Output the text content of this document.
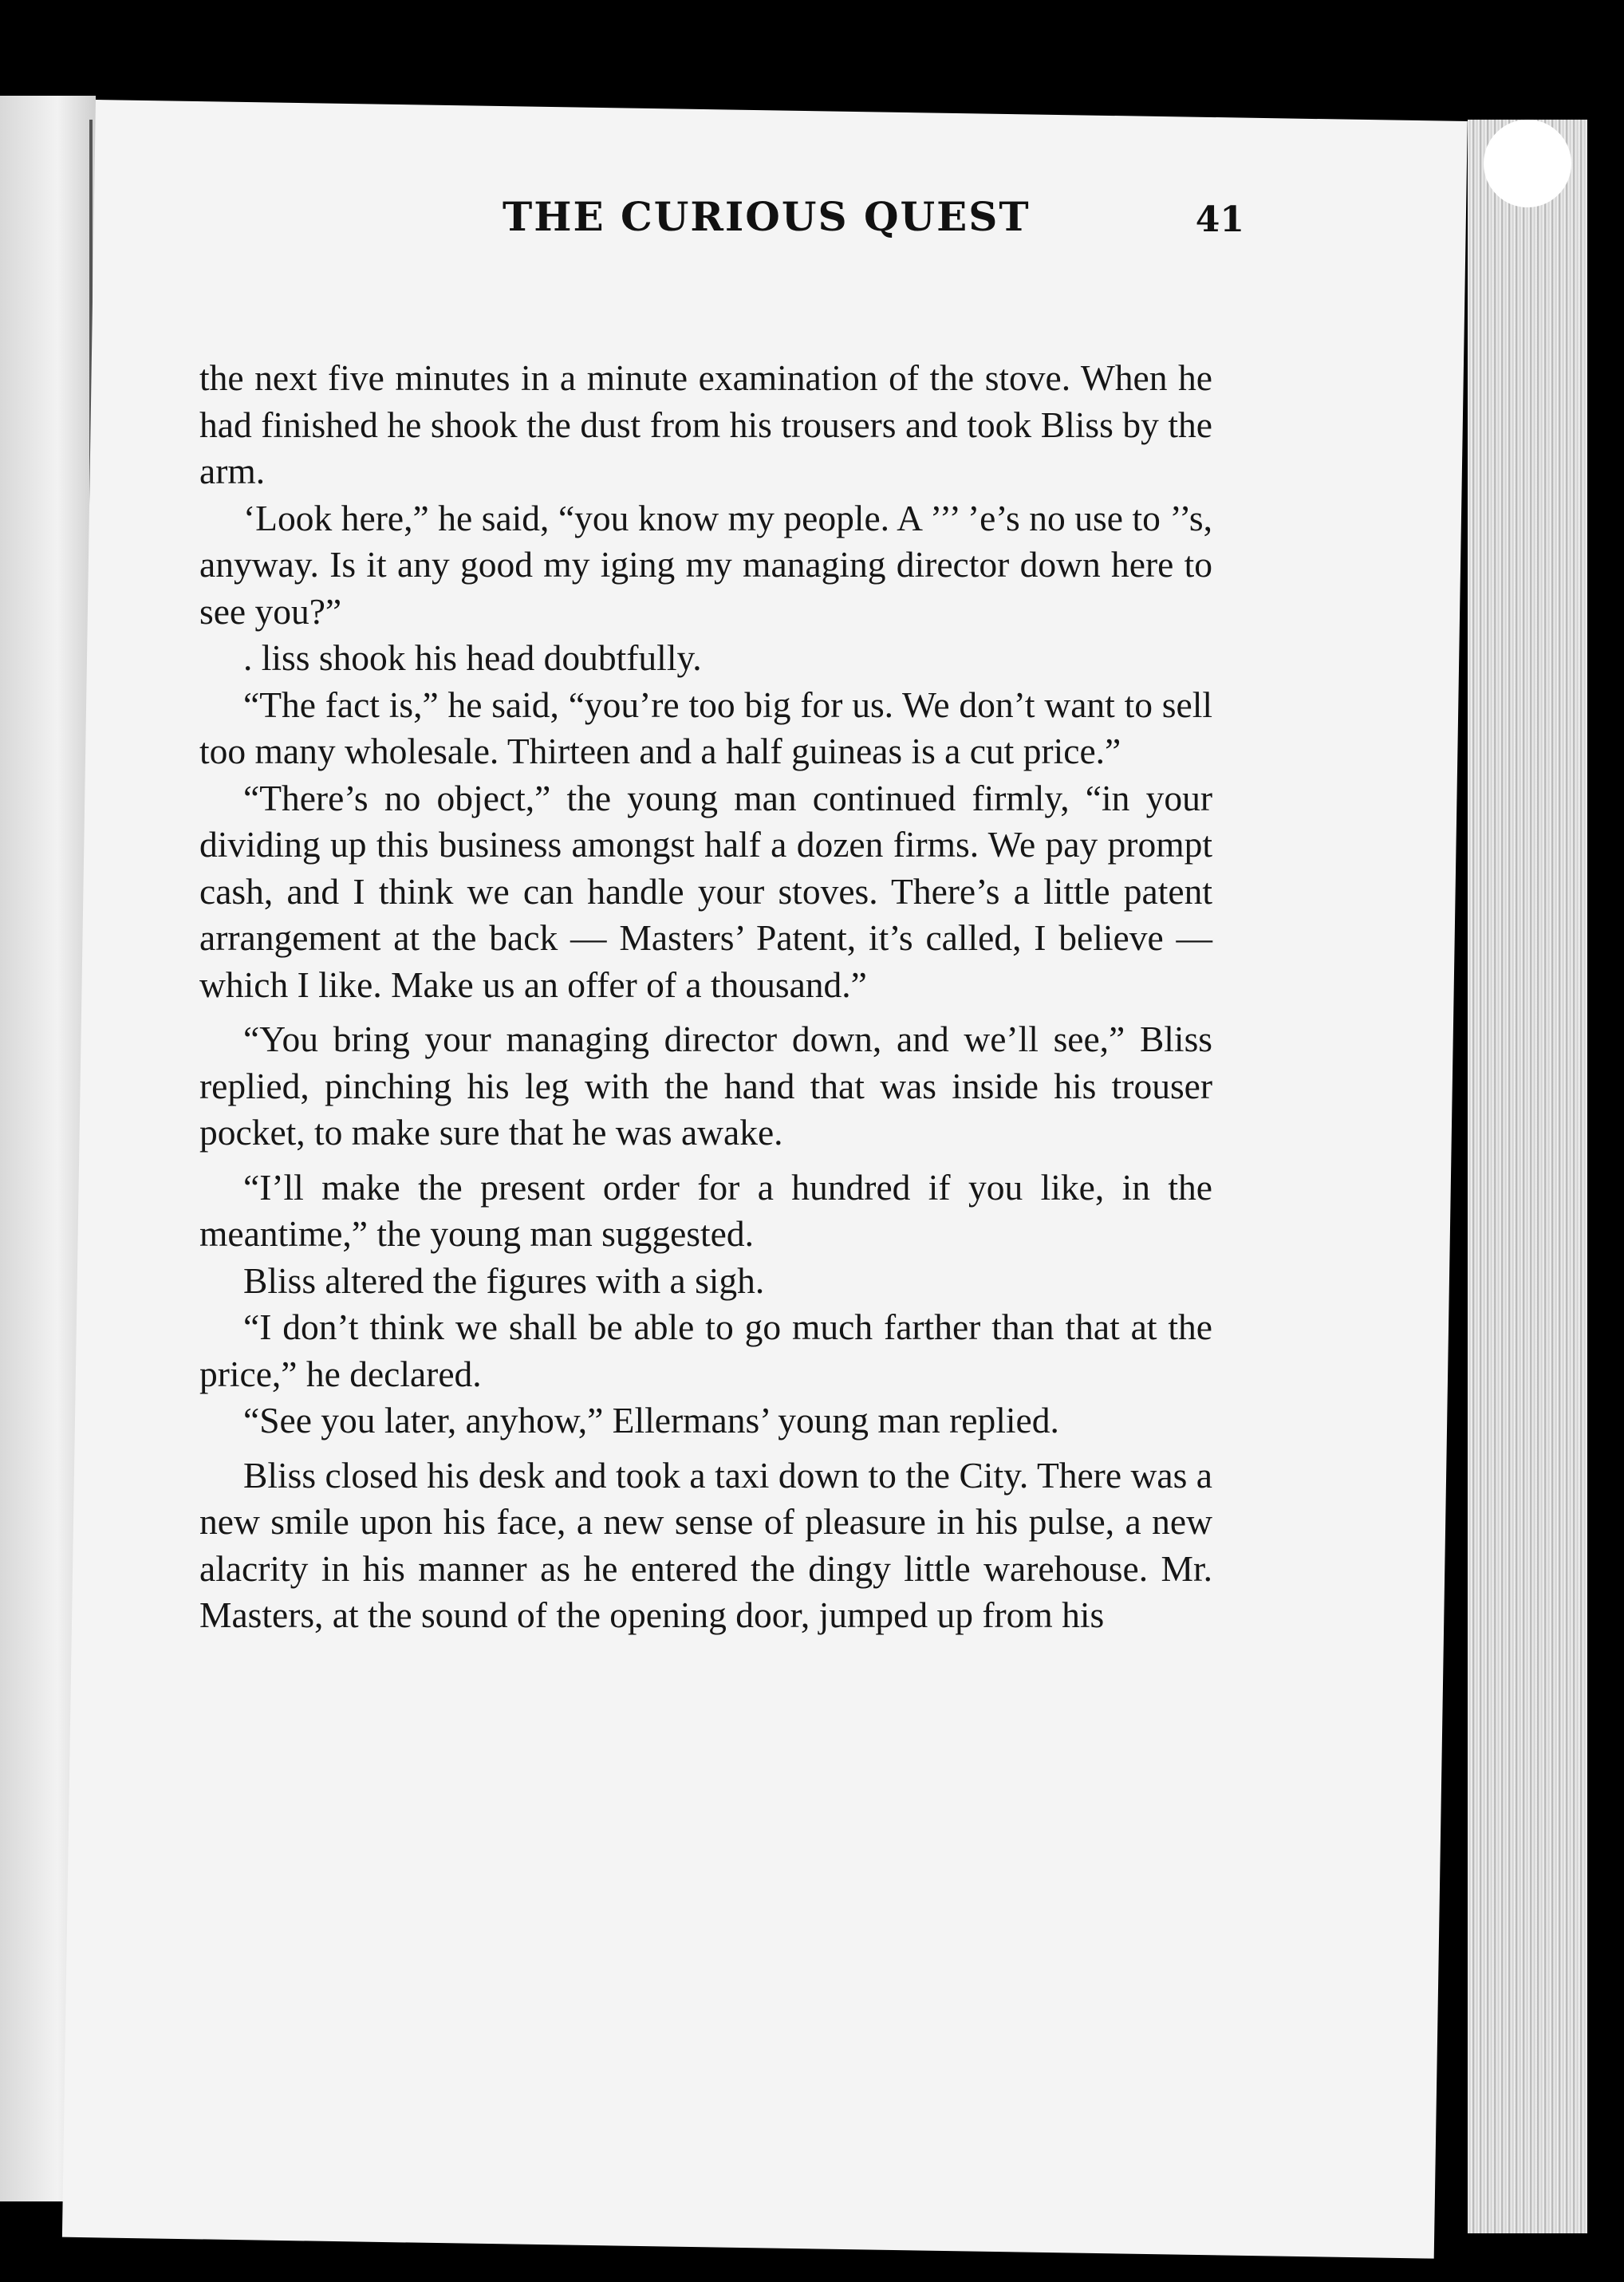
THE CURIOUS QUEST	41

the next five minutes in a minute examination of the stove. When he had finished he shook the dust from his trousers and took Bliss by the arm.

‘Look here,” he said, “you know my people. A ’’’ ’e’s no use to ’’s, anyway. Is it any good my iging my managing director down here to see you?”

. liss shook his head doubtfully.

“The fact is,” he said, “you’re too big for us. We don’t want to sell too many wholesale. Thirteen and a half guineas is a cut price.”

“There’s no object,” the young man continued firmly, “in your dividing up this business amongst half a dozen firms. We pay prompt cash, and I think we can handle your stoves. There’s a little patent arrangement at the back — Masters’ Patent, it’s called, I believe — which I like. Make us an offer of a thousand.”

“You bring your managing director down, and we’ll see,” Bliss replied, pinching his leg with the hand that was inside his trouser pocket, to make sure that he was awake.

“I’ll make the present order for a hundred if you like, in the meantime,” the young man suggested.

Bliss altered the figures with a sigh.

“I don’t think we shall be able to go much farther than that at the price,” he declared.

“See you later, anyhow,” Ellermans’ young man replied.

Bliss closed his desk and took a taxi down to the City. There was a new smile upon his face, a new sense of pleasure in his pulse, a new alacrity in his manner as he entered the dingy little warehouse. Mr. Masters, at the sound of the opening door, jumped up from his
